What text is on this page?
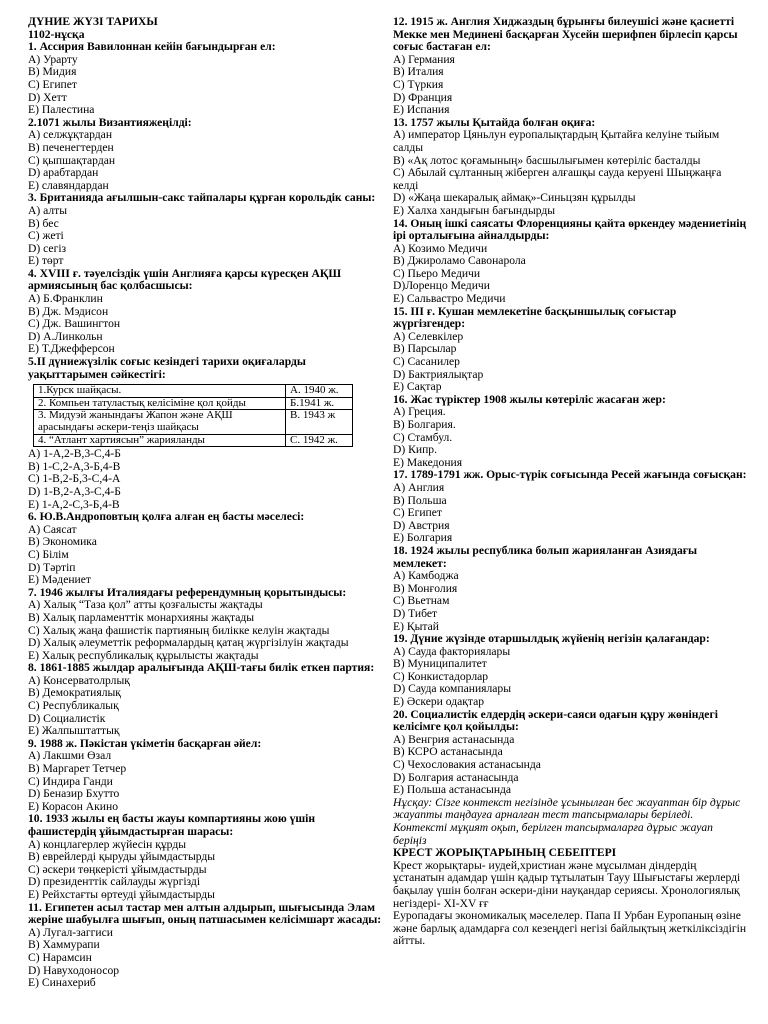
ДҮНИЕ ЖҮЗІ ТАРИХЫ
1102-нұсқа
1. Ассирия Вавилоннан кейін бағындырған ел:
A) Урарту
B) Мидия
C) Египет
D) Хетт
E) Палестина
2.1071 жылы Византияжеңілді:
A) селжұқтардан
B) печенегтерден
C) қыпшақтардан
D) арабтардан
E) славяндардан
3. Британияда ағылшын-сакс тайпалары құрған корольдік саны:
A) алты
B) бес
C) жеті
D) сегіз
E) төрт
4. XVIII ғ. тәуелсіздік үшін Англияға қарсы күресқен АҚШ
армиясының бас қолбасшысы:
A) Б.Франклин
B) Дж. Мэдисон
C) Дж. Вашингтон
D) А.Линкольн
E) Т.Джефферсон
5.II дүниежүзілік соғыс кезіндегі тарихи оқиғаларды
уақыттарымен сәйкестігі:
1.Курск шайқасы.	A. 1940 ж.
2. Компьен татуластық келісіміне қол қойды	Б.1941 ж.
3. Мидуэй жанындағы Жапон және АҚШ арасындағы әскери-теңіз шайқасы	В. 1943 ж
4. “Атлант хартиясын” жарияланды	С. 1942 ж.
A) 1-А,2-В,3-С,4-Б
B) 1-С,2-А,3-Б,4-В
C) 1-В,2-Б,3-С,4-А
D) 1-В,2-А,3-С,4-Б
E) 1-А,2-С,3-Б,4-В
6. Ю.В.Андроповтың қолға алған ең басты мәселесі:
A) Саясат
B) Экономика
C) Білім
D) Тәртіп
E) Мәдениет
7. 1946 жылғы Италиядағы референдумның қорытындысы:
A) Халық “Таза қол” атты қозғалысты жақтады
B) Халық парламенттік монархияны жақтады
C) Халық жаңа фашистік партияның билікке келуін жақтады
D) Халық әлеуметтік реформалардың қатаң жүргізілуін жақтады
E) Халық республикалық құрылысты жақтады
8. 1861-1885 жылдар аралығында АҚШ-тағы билік еткен партия:
A) Консерватолрлық
B) Демократиялық
C) Республикалық
D) Социалистік
E) Жалпыштаттық
9. 1988 ж. Пәкістан үкіметін басқарған әйел:
A) Лакшми Өзал
B) Маргарет Тетчер
C) Индира Ганди
D) Беназир Бхутто
E) Корасон Акино
10. 1933 жылы ең басты жауы компартияны жою үшін
фашистердің ұйымдастырған шарасы:
A) концлагерлер жүйесін құрды
B) еврейлерді қыруды ұйымдастырды
C) әскери төңкерісті ұйымдастырды
D) президенттік сайлауды жүргізді
E) Рейхстағты өртеуді ұйымдастырды
11. Египетен асыл тастар мен алтын алдырып, шығысында Элам
жеріне шабуылға шығып, оның патшасымен келісімшарт жасады:
A) Лугал-заггиси
B) Хаммурапи
C) Нарамсин
D) Навуходоносор
E) Синахериб
12. 1915 ж. Англия Хиджаздың бұрынғы билеушісі және қасиетті
Мекке мен Мединені басқарған Хусейн шерифпен бірлесіп қарсы
соғыс бастаған ел:
A) Германия
B) Италия
C) Түркия
D) Франция
E) Испания
13. 1757 жылы Қытайда болған оқиға:
A) император Цяньлун еуропалықтардың Қытайға келуіне тыйым
салды
B) «Ақ лотос қоғамының» басшылығымен көтеріліс басталды
C) Абылай сұлтанның жіберген алғашқы сауда керуені Шыңжаңға
келді
D) «Жаңа шекаралық аймақ»-Синьцзян құрылды
E) Халха хандығын бағындырды
14. Оның ішкі саясаты Флоренцияны қайта өркендеу мәдениетінің
ірі орталығына айналдырды:
A) Козимо Медичи
B) Джироламо Савонарола
C) Пьеро Медичи
D)Лоренцо Медичи
E) Сальвастро Медичи
15. III ғ. Кушан мемлекетіне басқыншылық соғыстар
жүргізгендер:
A) Селевкілер
B) Парсылар
C) Сасанилер
D) Бактриялықтар
E) Сақтар
16. Жас түріктер 1908 жылы көтеріліс жасаған жер:
A) Греция.
B) Болгария.
C) Стамбул.
D) Кипр.
E) Македония
17. 1789-1791 жж. Орыс-түрік соғысында Ресей жағында соғысқан:
A) Англия
B) Польша
C) Египет
D) Австрия
E) Болгария
18. 1924 жылы республика болып жарияланған Азиядағы
мемлекет:
A) Камбоджа
B) Монғолия
C) Вьетнам
D) Тибет
E) Қытай
19. Дүние жүзінде отаршылдық жүйенің негізін қалағандар:
A) Сауда факториялары
B) Муниципалитет
C) Конкистадорлар
D) Сауда компаниялары
E) Әскери одақтар
20. Социалистік елдердің әскери-саяси одағын құру жөніндегі
келісімге қол қойылды:
A) Венгрия астанасында
B) КСРО астанасында
C) Чехословакия астанасында
D) Болгария астанасында
E) Польша астанасында
Нұсқау: Сізге контекст негізінде ұсынылған бес жауаптан бір дұрыс
жауапты таңдауға арналған тест тапсырмалары беріледі.
Контексті мұқият оқып, берілген тапсырмаларға дұрыс жауап
беріңіз
КРЕСТ ЖОРЫҚТАРЫНЫҢ СЕБЕПТЕРІ
Крест жорықтары- иудей,христиан және мұсылман діндердің
ұстанатын адамдар үшін қадыр тұтылатын Тауу Шығыстағы жерлерді
бақылау үшін болған әскери-діни науқандар сериясы. Хронологиялық
негіздері- XI-XV ғғ
Еуропадағы экономикалық мәселелер. Папа II Урбан Еуропаның өзіне
және барлық адамдарға сол кезеңдегі негізі байлықтың жеткіліксіздігін
айтты.
